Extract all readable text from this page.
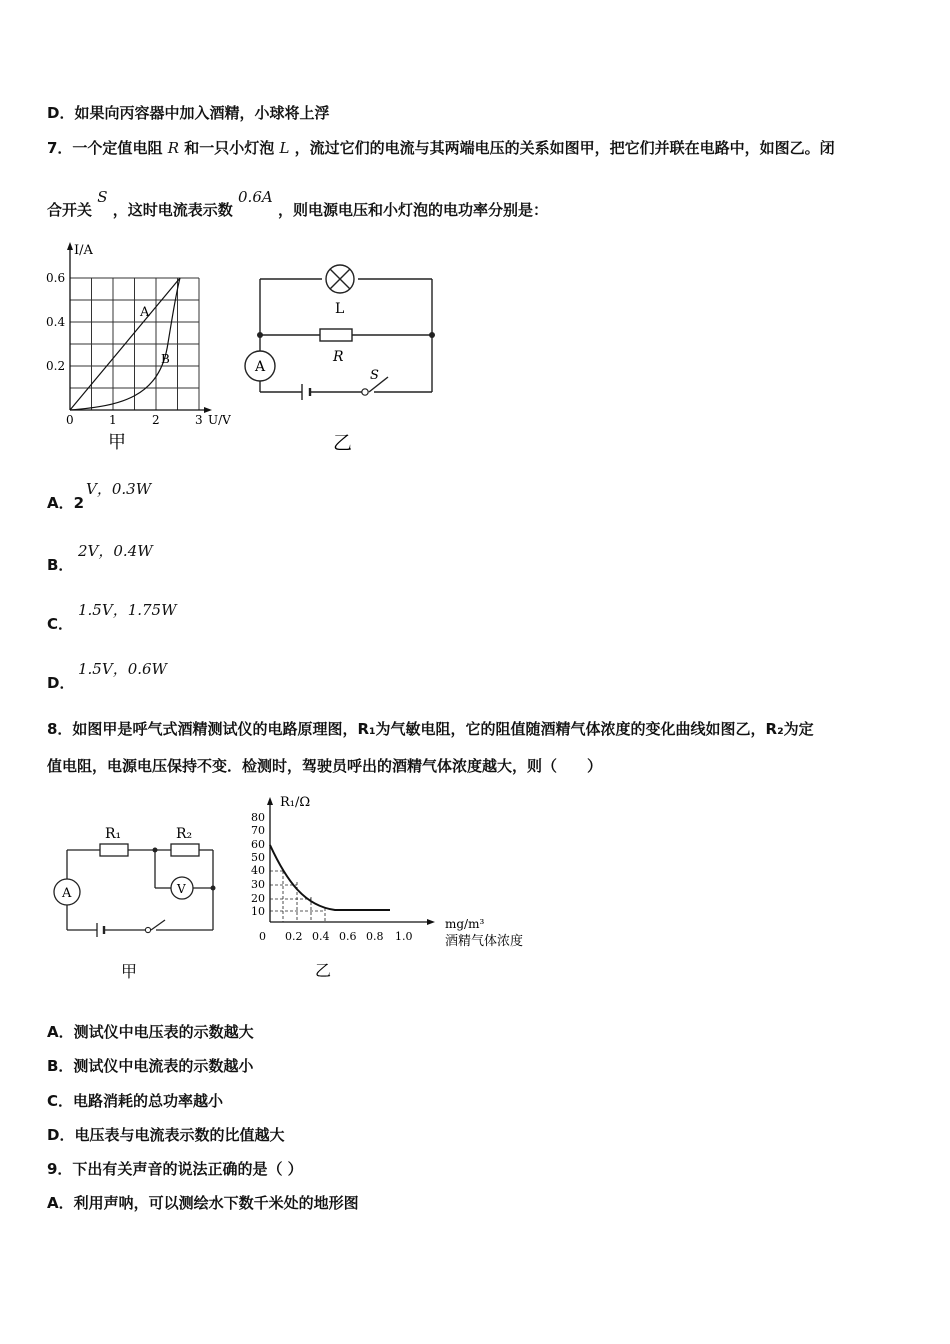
D．如果向丙容器中加入酒精，小球将上浮
7．一个定值电阻 R 和一只小灯泡 L ，流过它们的电流与其两端电压的关系如图甲，把它们并联在电路中，如图乙。闭
合开关 S ，这时电流表示数 0.6A ，则电源电压和小灯泡的电功率分别是：
I/A
0.6
0.4
0.2
0	1	2	3 U/V
A
B
甲
L
R
A
S
乙
V，0.3W
A．2
2V，0.4W
B．
1.5V，1.75W
C．
1.5V，0.6W
D．
8．如图甲是呼气式酒精测试仪的电路原理图，R₁为气敏电阻，它的阻值随酒精气体浓度的变化曲线如图乙，R₂为定
值电阻，电源电压保持不变．检测时，驾驶员呼出的酒精气体浓度越大，则（　　）
R₁	R₂
A	V
甲
R₁/Ω
80
70
60
50
40
30
20
10
0 0.2 0.4 0.6 0.8 1.0
mg/m³
酒精气体浓度
乙
A．测试仪中电压表的示数越大
B．测试仪中电流表的示数越小
C．电路消耗的总功率越小
D．电压表与电流表示数的比值越大
9．下出有关声音的说法正确的是（ ）
A．利用声呐，可以测绘水下数千米处的地形图
